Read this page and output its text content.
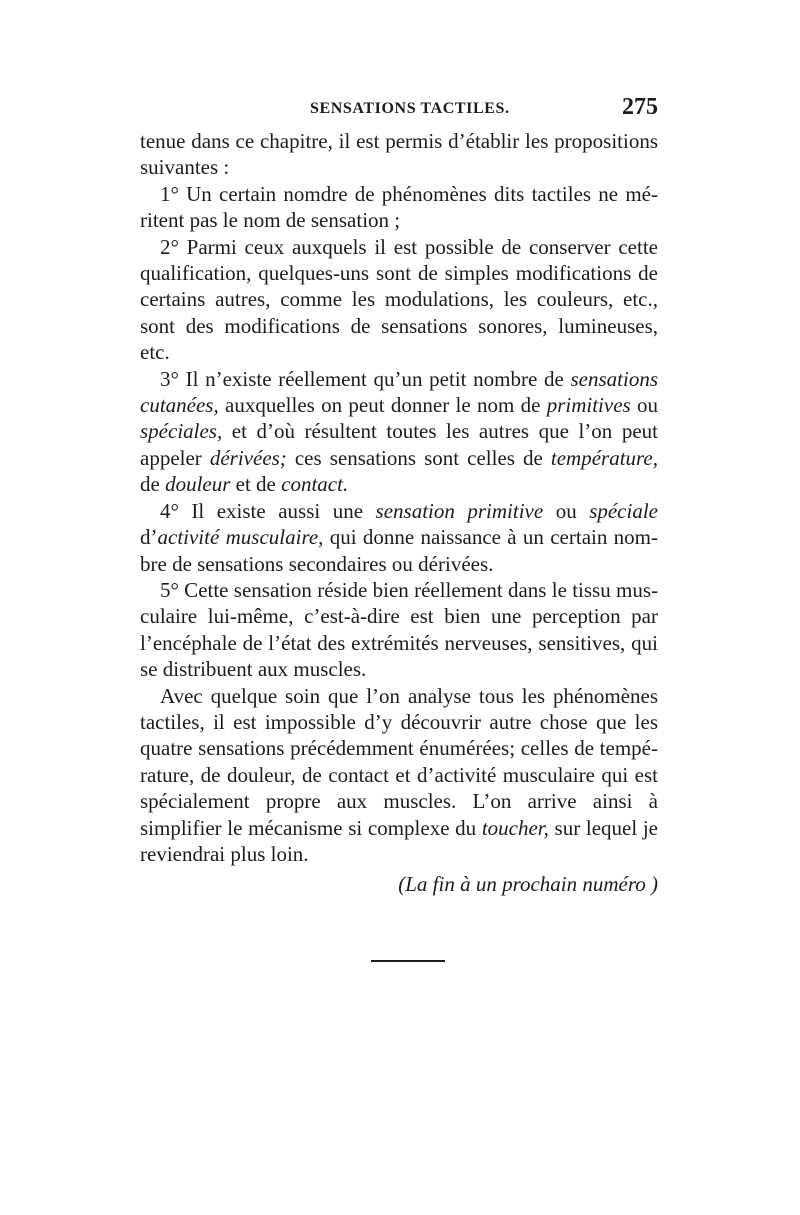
SENSATIONS TACTILES.	275

tenue dans ce chapitre, il est permis d’établir les propositions suivantes :

1° Un certain nomdre de phénomènes dits tactiles ne méritent pas le nom de sensation ;

2° Parmi ceux auxquels il est possible de conserver cette qualification, quelques-uns sont de simples modifications de certains autres, comme les modulations, les couleurs, etc., sont des modifications de sensations sonores, lumineuses, etc.

3° Il n’existe réellement qu’un petit nombre de sensations cutanées, auxquelles on peut donner le nom de primitives ou spéciales, et d’où résultent toutes les autres que l’on peut appeler dérivées; ces sensations sont celles de température, de douleur et de contact.

4° Il existe aussi une sensation primitive ou spéciale d’activité musculaire, qui donne naissance à un certain nombre de sensations secondaires ou dérivées.

5° Cette sensation réside bien réellement dans le tissu musculaire lui-même, c’est-à-dire est bien une perception par l’encéphale de l’état des extrémités nerveuses, sensitives, qui se distribuent aux muscles.

Avec quelque soin que l’on analyse tous les phénomènes tactiles, il est impossible d’y découvrir autre chose que les quatre sensations précédemment énumérées; celles de température, de douleur, de contact et d’activité musculaire qui est spécialement propre aux muscles. L’on arrive ainsi à simplifier le mécanisme si complexe du toucher, sur lequel je reviendrai plus loin.

(La fin à un prochain numéro )
